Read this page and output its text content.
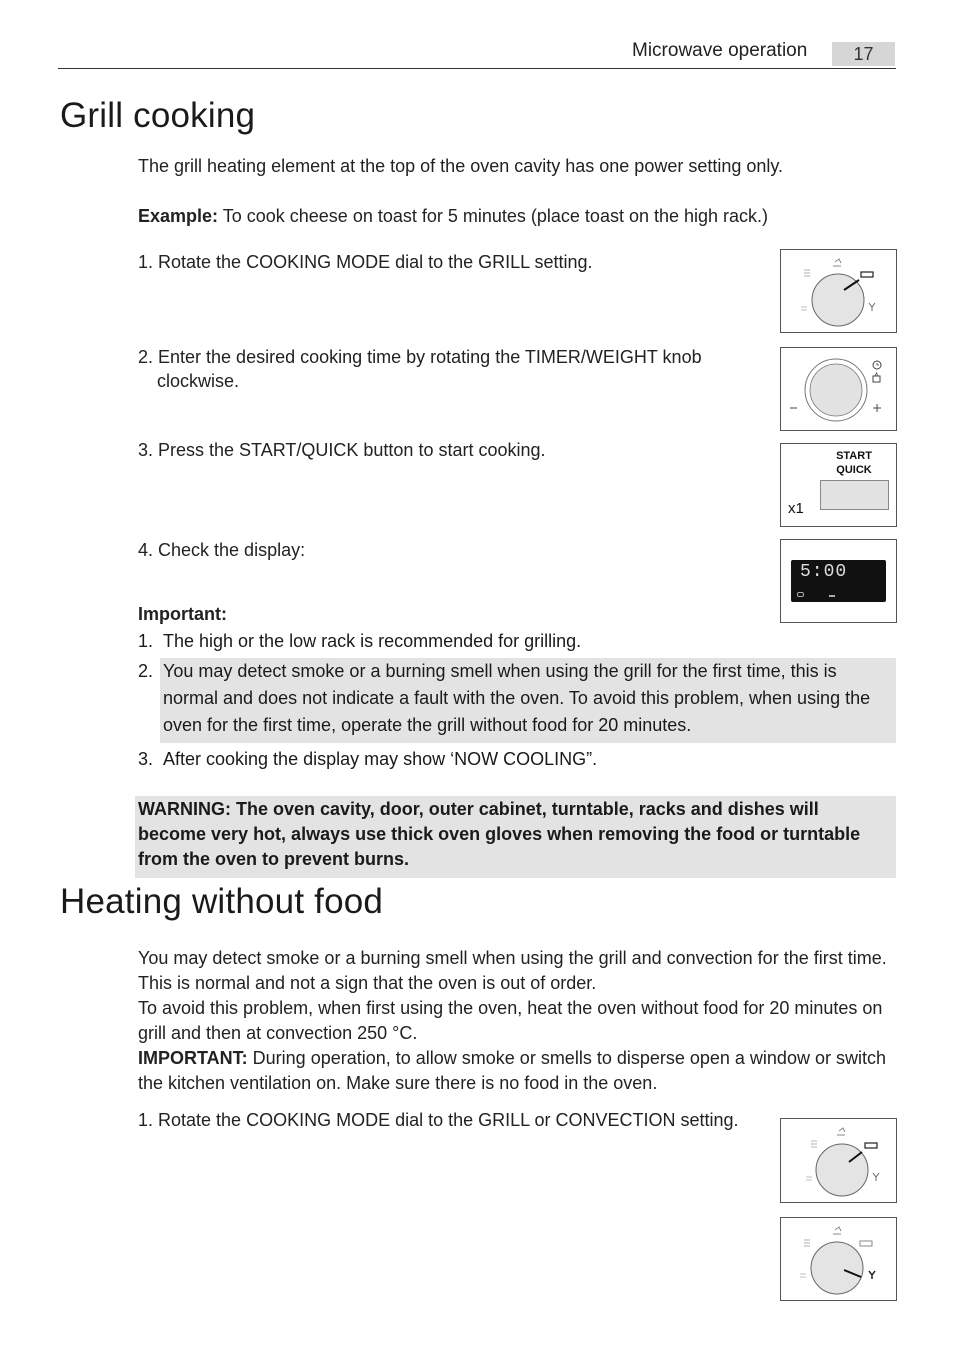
Microwave operation	17
Grill cooking
The grill heating element at the top of the oven cavity has one power setting only.
Example: To cook cheese on toast for 5 minutes (place toast on the high rack.)
1. Rotate the COOKING MODE dial to the GRILL setting.
2. Enter the desired cooking time by rotating the TIMER/WEIGHT knob
clockwise.
3. Press the START/QUICK button to start cooking.
4. Check the display:
Important:
1. The high or the low rack is recommended for grilling.
2. You may detect smoke or a burning smell when using the grill for the first time, this is normal and does not indicate a fault with the oven. To avoid this problem, when using the oven for the first time, operate the grill without food for 20 minutes.
3. After cooking the display may show ‘NOW COOLING”.
WARNING: The oven cavity, door, outer cabinet, turntable, racks and dishes will become very hot, always use thick oven gloves when removing the food or turntable from the oven to prevent burns.
START
QUICK
x1
5:00
Heating without food
You may detect smoke or a burning smell when using the grill and convection for the first time. This is normal and not a sign that the oven is out of order.
To avoid this problem, when first using the oven, heat the oven without food for 20 minutes on grill and then at convection 250 °C.
IMPORTANT: During operation, to allow smoke or smells to disperse open a window or switch the kitchen ventilation on. Make sure there is no food in the oven.
1. Rotate the COOKING MODE dial to the GRILL or CONVECTION setting.
